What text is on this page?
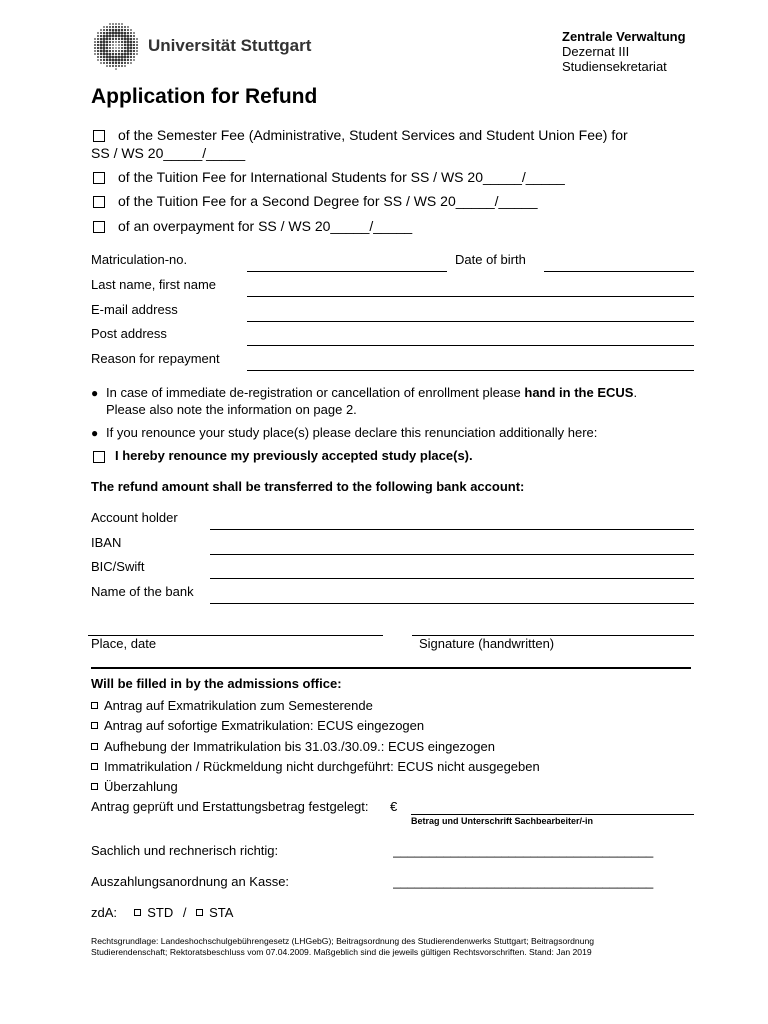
Universität Stuttgart	Zentrale Verwaltung
Dezernat III
Studiensekretariat
Application for Refund
of the Semester Fee (Administrative, Student Services and Student Union Fee) for
SS / WS 20_____/_____
of the Tuition Fee for International Students for SS / WS 20_____/_____
of the Tuition Fee for a Second Degree for SS / WS 20_____/_____
of an overpayment for SS / WS 20_____/_____
Matriculation-no.	Date of birth
Last name, first name
E-mail address
Post address
Reason for repayment
● In case of immediate de-registration or cancellation of enrollment please hand in the ECUS.
Please also note the information on page 2.
● If you renounce your study place(s) please declare this renunciation additionally here:
I hereby renounce my previously accepted study place(s).
The refund amount shall be transferred to the following bank account:
Account holder
IBAN
BIC/Swift
Name of the bank
Place, date	Signature (handwritten)
Will be filled in by the admissions office:
Antrag auf Exmatrikulation zum Semesterende
Antrag auf sofortige Exmatrikulation: ECUS eingezogen
Aufhebung der Immatrikulation bis 31.03./30.09.: ECUS eingezogen
Immatrikulation / Rückmeldung nicht durchgeführt: ECUS nicht ausgegeben
Überzahlung
Antrag geprüft und Erstattungsbetrag festgelegt: €
Betrag und Unterschrift Sachbearbeiter/-in
Sachlich und rechnerisch richtig:	____________________________________
Auszahlungsanordnung an Kasse:	____________________________________
zdA: STD / STA
Rechtsgrundlage: Landeshochschulgebührengesetz (LHGebG); Beitragsordnung des Studierendenwerks Stuttgart; Beitragsordnung
Studierendenschaft; Rektoratsbeschluss vom 07.04.2009. Maßgeblich sind die jeweils gültigen Rechtsvorschriften. Stand: Jan 2019
